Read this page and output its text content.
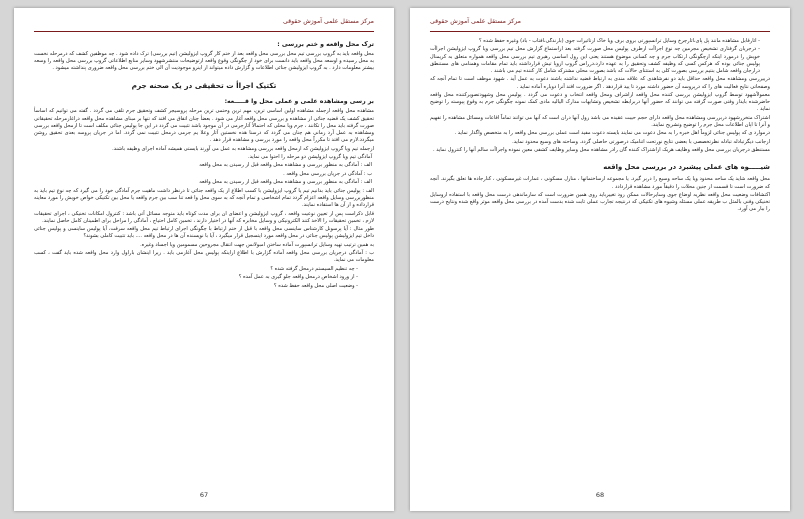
مرکز مستقل علمی آموزش حقوقی
ترک محل واقعه و ختم بررسی :

محل واقعه باید به گروپ بررسی تیم محل بررسی محل واقعه بعد از ختم کار گروپ ایزولیشن (تیم بررسی) ترک داده شود . چه موظفین کشف که درمرحله نخست به محل رسیده و اوسعه محل واقعه باید دانست برای خود از چگونگی وقوع واقعه ازتوضیحات منتشرشهود وسایر منابع اطلاعاتی گروپ بررسی محل واقعه را وسعه بیشتر معلومات دارد . به گروپ ایزولیشن جنائی اطلاعات و گزارش داده میتواند از اینرو موجودیت آن الی ختم بررسی محل واقعه ضروری پنداشته میشود .

تکتیک اجراأ ت تحقیقی در یک صحنه جرم
بر رسی ومشاهده علمی و عملی محل وا قـــــعه:

مشاهده محل واقعه ازجمله مشاهده اولین اساسی ترین، مهم ترین وحتمی ترین مرحله پروسیجر کشف وتحقیق جرم تلقی می گردد . گفته می توانیم که اساسأ تحقیق کشف یک قضیه جنائی از مشاهده و بررسی محل واقعه آغاز می شود . بعضأ چنان اتفاق می افتد که تنها بر مبنای مشاهده محل واقعه دراغازمرحله تحقیقاتی صورت گرفته باید محل را تکانند ، جرم ویا محلی که احتمالأ آثارجرمی در آن موجود باشد تثبیت می گردد در این جا پولیس جنائی مکلف است تا ازمحل واقعه بررسی ومشاهده به عمل آرد زمانی هم چنان می گردد که درسنا هده نخستین آثار وعلا یم جرمی درمحل تثبیت نمی گردد. اما در جریان پروسه بعدی تحقیق روشن میگردد.لازم می افتد تا مکرراً محل واقعه را مورد بررسی و مشاهده قرار دهد .

ازجمله تیم ویا گروپ ایزولیشن که ازمحل واقعه بررسی ومشاهده به عمل می آورند بایستی همیشه آماده اجرای وظیفه باشند.

آمادگی تیم ویا گروپ ایزولیشن دو مرحله را احتوا می نماید.

الف : آمادگی به منظور بررسی و مشاهده محل واقعه قبل از رسیدن به محل واقعه

ب : آمادگی در جریان بررسی محل واقعه .

الف : آمادگی به منظور بررسی و مشاهده محل واقعه قبل از رسیدن به محل واقعه

الف : پولیس جنائی باید بدانیم تیم یا گروپ ایزولیشن با کسب اطلاع از یک واقعه جنائی تا درنظر داشت ماهیت جرم آمادگی خود را می گیرد که چه نوع تیم باید به منظوربررسی وسایل واقعه اعزام گردد تمام اشخاصی و تمام آنچه که به سوی محل وا قعه تنا سب بین جرم واقعه یا محل بین تکنیکی خواص خویش را مورد معاینه قرارداده و از آن ها استفاده نمایند.

قابل ذکراست پس از تعیین نوعیت واقعه ، گروپ ایزولیشن و اعضای ان برای مدت کوتاه باید متوجه مسائل آتی باشد : کنترول امکانات تخنیکی ، اجرای تحقیقات لازم ، تخمین تحقیقات را الاخذ کنند الکترونیکی و وسایل مخابره که آنها در اختیار دارند ، تخمین کامل احتیاج ، آمادگی را مراحل برای اطمینان کامل حاصل نمایند.

طور مثال : آیا پرسونل کارشناس ساینسی محل واقعه با قبل از ختم ارتباط با چگونگی اجرای ارتباط تیم محل واقعه سرقت، آیا پولیس ساینسی و پولیس جنائی داخل تیم ایزولیشن پولیس جنائی در محل واقعه مورد ایتسجیل قرار میگیرد ، آیا با نویسنده آن ها در محل واقعه .... باید تثبیت کاملی بشوند؟

به همین ترتیب تهیه وسایل ترانسپورت آماده ساختن امبولانس جهت انتقال مجروحین مسمومین ویا اجساد وغیره.

ب : آمادگی درجریان بررسی محل واقعه آماده گزارش با اطلاع ازاینکه پولیس محل آغازمی باید . زیرا اینشان باراول وارد محل واقعه شده باید گفت ، کسب معلومات می نماید.

- چه تنظیم السیستم درمحل گرفته شده ؟

- از ورود اشخاص درمحل واقعه جلو گیری به عمل آمده ؟

- وضعیت اصلی محل واقعه حفظ شده ؟

67
مرکز مستقل علمی آموزش حقوقی

- آثارقابل مشاهده مانند پل پای،آثارچرخ وسایل ترانسپورتی بروی برف ویا خاک ازتاثیرات جوی (بارندگی،آفتاب - باد) وغیره حفظ شده ؟

- درجریان گرفتاری تشخیص مجرمین چه نوع اجراآت ازطرف پولیس محل صورت گرفته بعد ازاستماع گزارش محل تیم بررسی ویا گروپ ایزولیشن اجراآت خویش را درمورد اینکه ازچگونگی ارتکاب جرم و چه کسانی موضوع هستند یعنی این رول اساسی رهبری تیم بررسی محل واقعه همواره متعلق به کریمنال پولیس جنائی بوده که هرکس کسی که وظیفه کشف وتحقیق را به عهده دارد،درراس گروپ ازوپا تیش قرارداشته باید تمام مقامات وهمنامی های مستنطق درارجان واقعه شامل بنتیم بررسی بصورت کلی به استثنای حالات که باشد بصورت محلی مشترکه شامل کار کننده تیم می باشند .

درییررسی ومشاهده محل واقعه حداقل باید دو نفرشاهدی که علاقه مندی به ارتباط قضیه نداشته باشند دعوت به عمل آید . شهود موظف است تا تمام آنچه که وصفحاتی نتایج فعالیت های را که درپروسه آن حضور داشته مورد تا یید قراردهد . اگر ضرورت افتد آنرا دوباره آماده نماید .

معمولاًشهود توسط گروپ ایزولیشن بررسی کننده محل واقعه ازاشراف ومحل واقعه انتخاب و دعوت می گردد . پولیس محل وشهودتصویرکننده محل واقعه حاضرشده بایداز وقتی صورت گرفته می توانند که حضور آنها دربرابطه تشخیص وتشابهات مدارک الیالیه مادی کمک نمونه چگونگی جرم به وقوع پیوسته را توضیح نماید .

اشتراک متخررشهود دربررسی ومشاهده محل واقعه دارای حجم حیبت عقیده می باشد زول آنها دران است که آنها می توانند تماماً اقاعات ومسائل مشاهده را تفهیم و آنرا تا اپان اطلاعات محل جرم را توضیح وتشریح نمایند.

درموارد ی که پولیس جنائی لزوماً اهل خبره را به محل دعوت می نمایند بایسته دعوت مفید است عملی بررسی محل واقعه را به متخصص واگذار نماید .

ازجانب دیگرتبادله تبادله نظرتخصصی با بعضی نتایج نورتحت اتنامیک درصورتی حاصلی گردد. وساحته های وسیع محدود نماید.

مستنطق درجریان بررسی محل واقعه وظایف هریک ازاشتراک کننده گان رادر مشاهده محل وسایر وظایف کشفی معین نموده واجراآت سالم آنها را کنترول نماید .

شیـــــوه های عملی پیشبرد در بررسی محل واقعه

محل واقعه شاید یک ساحه محدود ویا یک ساحه وسیع را دربر گیرد. یا مجموعه ازساختمانها ، منازل مسکونی ، عمارات غیرمسکونی ، کنارجاده ها تعلق بگیرند. آنچه که ضرورت است تا قسمت از جنین محلات را دقیقاً مورد مشاهده قراردادد .

اکتشافات وضعیت محل واقعه نظریه اوضاع جوی وسایرحالات ممکن زود تغییرباید روی همین ضرورت است که سازماندهی درست محل واقعه با استفاده ازوسایل تخنیکی وفنی بالمثل ب طریقه عملی مسئله وشیوه های تکتیکی که درنتیجه تجارب عملی ثابت شده بدست آمده در بررسی محل واقعه موثر واقع شده ونتایج درست را ببار می آورد.

68
